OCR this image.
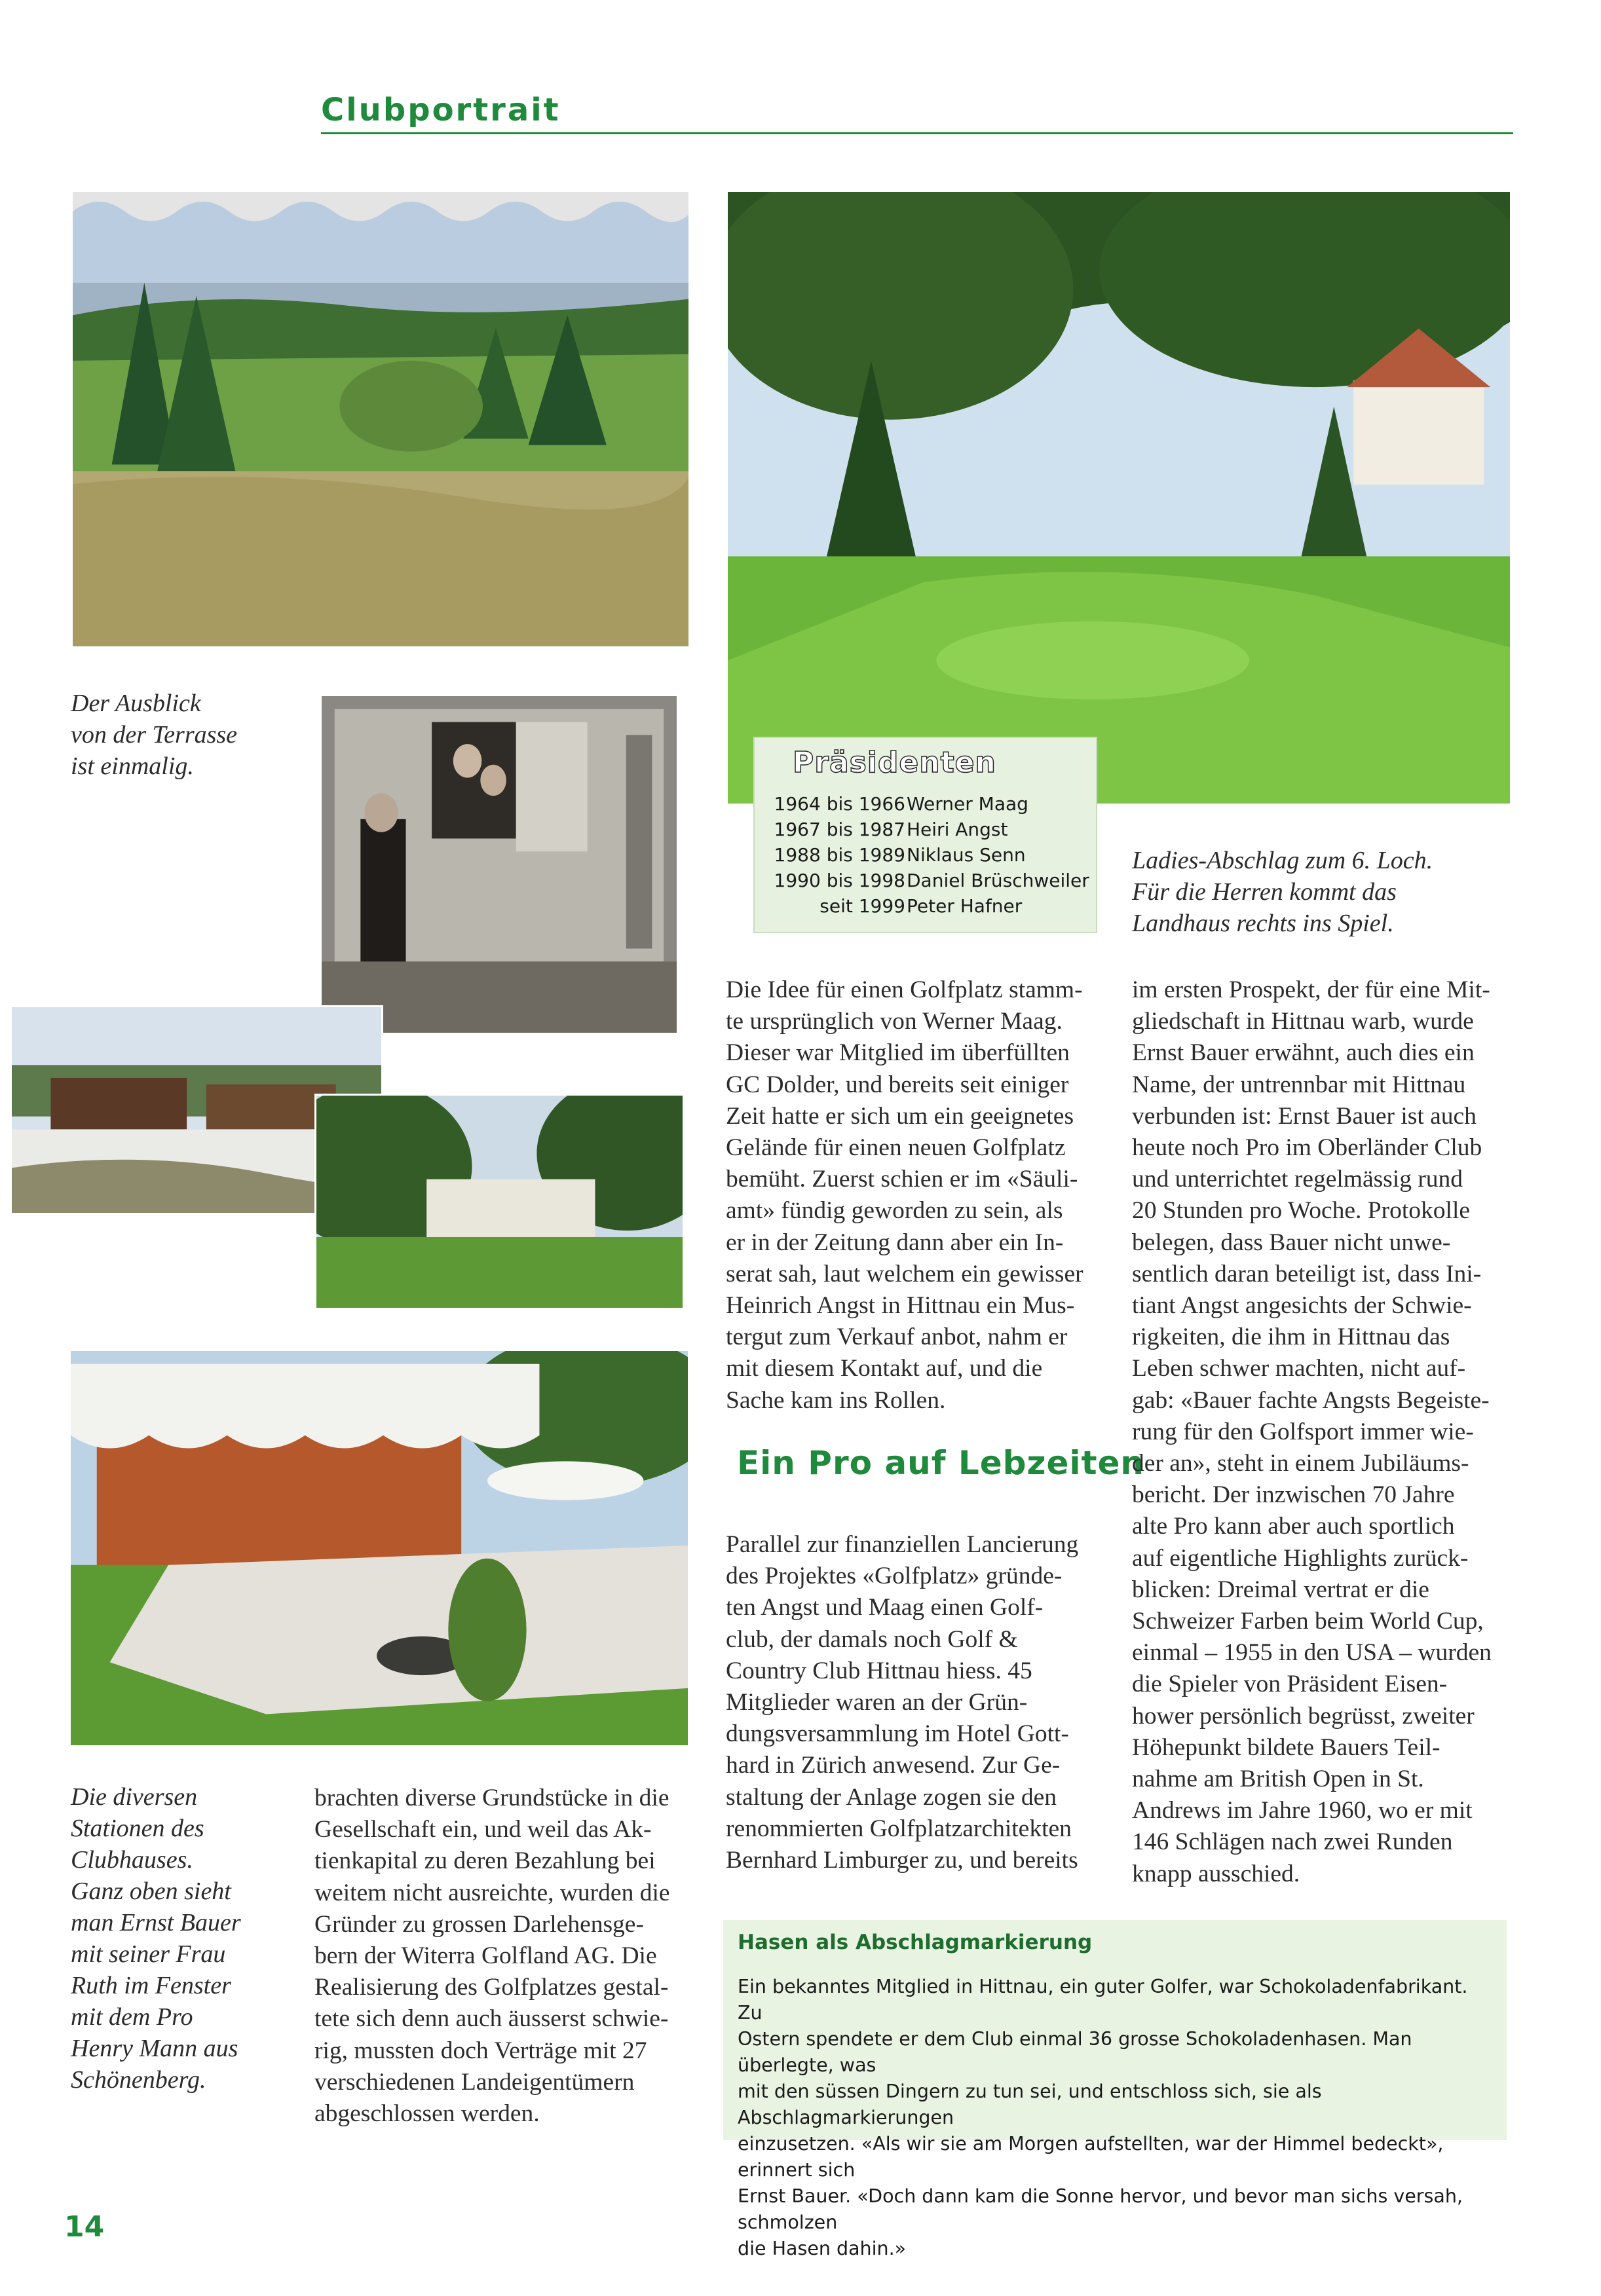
Clubportrait
Der Ausblick
von der Terrasse
ist einmalig.	Präsidenten
1964 bis 1966 Werner Maag
1967 bis 1987 Heiri Angst
1988 bis 1989 Niklaus Senn
1990 bis 1998 Daniel Brüschweiler
seit 1999 Peter Hafner
Ladies-Abschlag zum 6. Loch.
Für die Herren kommt das
Landhaus rechts ins Spiel.
Die diversen
Stationen des
Clubhauses.
Ganz oben sieht
man Ernst Bauer
mit seiner Frau
Ruth im Fenster
mit dem Pro
Henry Mann aus
Schönenberg.

brachten diverse Grundstücke in die

Gesellschaft ein, und weil das Ak-

tienkapital zu deren Bezahlung bei

weitem nicht ausreichte, wurden die

Gründer zu grossen Darlehensge-

bern der Witerra Golfland AG. Die

Realisierung des Golfplatzes gestal-

tete sich denn auch äusserst schwie-

rig, mussten doch Verträge mit 27

verschiedenen Landeigentümern

abgeschlossen werden.

Die Idee für einen Golfplatz stamm-

te ursprünglich von Werner Maag.

Dieser war Mitglied im überfüllten

GC Dolder, und bereits seit einiger

Zeit hatte er sich um ein geeignetes

Gelände für einen neuen Golfplatz

bemüht. Zuerst schien er im «Säuli-

amt» fündig geworden zu sein, als

er in der Zeitung dann aber ein In-

serat sah, laut welchem ein gewisser

Heinrich Angst in Hittnau ein Mus-

tergut zum Verkauf anbot, nahm er

mit diesem Kontakt auf, und die

Sache kam ins Rollen.

Ein Pro auf Lebzeiten

Parallel zur finanziellen Lancierung

des Projektes «Golfplatz» gründe-

ten Angst und Maag einen Golf-

club, der damals noch Golf &

Country Club Hittnau hiess. 45

Mitglieder waren an der Grün-

dungsversammlung im Hotel Gott-

hard in Zürich anwesend. Zur Ge-

staltung der Anlage zogen sie den

renommierten Golfplatzarchitekten

Bernhard Limburger zu, und bereits

im ersten Prospekt, der für eine Mit-

gliedschaft in Hittnau warb, wurde

Ernst Bauer erwähnt, auch dies ein

Name, der untrennbar mit Hittnau

verbunden ist: Ernst Bauer ist auch

heute noch Pro im Oberländer Club

und unterrichtet regelmässig rund

20 Stunden pro Woche. Protokolle

belegen, dass Bauer nicht unwe-

sentlich daran beteiligt ist, dass Ini-

tiant Angst angesichts der Schwie-

rigkeiten, die ihm in Hittnau das

Leben schwer machten, nicht auf-

gab: «Bauer fachte Angsts Begeiste-

rung für den Golfsport immer wie-

der an», steht in einem Jubiläums-

bericht. Der inzwischen 70 Jahre

alte Pro kann aber auch sportlich

auf eigentliche Highlights zurück-

blicken: Dreimal vertrat er die

Schweizer Farben beim World Cup,

einmal – 1955 in den USA – wurden

die Spieler von Präsident Eisen-

hower persönlich begrüsst, zweiter

Höhepunkt bildete Bauers Teil-

nahme am British Open in St.

Andrews im Jahre 1960, wo er mit

146 Schlägen nach zwei Runden

knapp ausschied.

Hasen als Abschlagmarkierung
Ein bekanntes Mitglied in Hittnau, ein guter Golfer, war Schokoladenfabrikant. Zu
Ostern spendete er dem Club einmal 36 grosse Schokoladenhasen. Man überlegte, was
mit den süssen Dingern zu tun sei, und entschloss sich, sie als Abschlagmarkierungen
einzusetzen. «Als wir sie am Morgen aufstellten, war der Himmel bedeckt», erinnert sich
Ernst Bauer. «Doch dann kam die Sonne hervor, und bevor man sichs versah, schmolzen
die Hasen dahin.»
14
